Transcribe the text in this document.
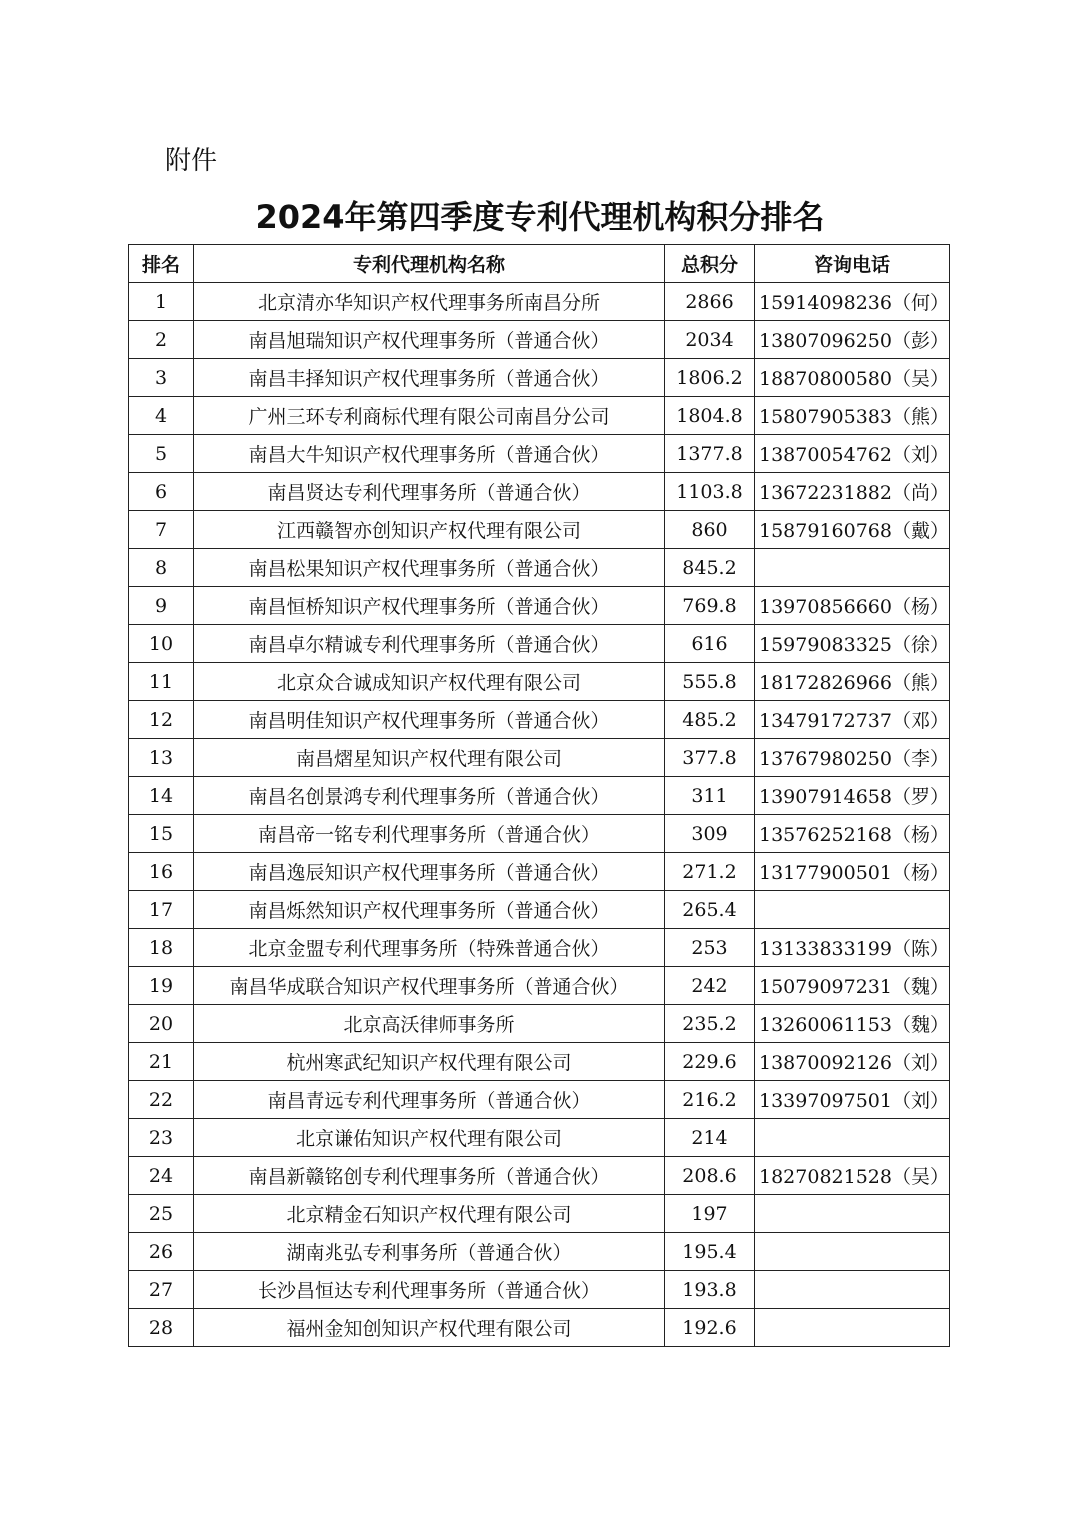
附件
2024年第四季度专利代理机构积分排名
排名	专利代理机构名称	总积分	咨询电话
1	北京清亦华知识产权代理事务所南昌分所	2866	15914098236（何）
2	南昌旭瑞知识产权代理事务所（普通合伙）	2034	13807096250（彭）
3	南昌丰择知识产权代理事务所（普通合伙）	1806.2	18870800580（吴）
4	广州三环专利商标代理有限公司南昌分公司	1804.8	15807905383（熊）
5	南昌大牛知识产权代理事务所（普通合伙）	1377.8	13870054762（刘）
6	南昌贤达专利代理事务所（普通合伙）	1103.8	13672231882（尚）
7	江西赣智亦创知识产权代理有限公司	860	15879160768（戴）
8	南昌松果知识产权代理事务所（普通合伙）	845.2	
9	南昌恒桥知识产权代理事务所（普通合伙）	769.8	13970856660（杨）
10	南昌卓尔精诚专利代理事务所（普通合伙）	616	15979083325（徐）
11	北京众合诚成知识产权代理有限公司	555.8	18172826966（熊）
12	南昌明佳知识产权代理事务所（普通合伙）	485.2	13479172737（邓）
13	南昌熠星知识产权代理有限公司	377.8	13767980250（李）
14	南昌名创景鸿专利代理事务所（普通合伙）	311	13907914658（罗）
15	南昌帝一铭专利代理事务所（普通合伙）	309	13576252168（杨）
16	南昌逸辰知识产权代理事务所（普通合伙）	271.2	13177900501（杨）
17	南昌烁然知识产权代理事务所（普通合伙）	265.4	
18	北京金盟专利代理事务所（特殊普通合伙）	253	13133833199（陈）
19	南昌华成联合知识产权代理事务所（普通合伙）	242	15079097231（魏）
20	北京高沃律师事务所	235.2	13260061153（魏）
21	杭州寒武纪知识产权代理有限公司	229.6	13870092126（刘）
22	南昌青远专利代理事务所（普通合伙）	216.2	13397097501（刘）
23	北京谦佑知识产权代理有限公司	214	
24	南昌新赣铭创专利代理事务所（普通合伙）	208.6	18270821528（吴）
25	北京精金石知识产权代理有限公司	197	
26	湖南兆弘专利事务所（普通合伙）	195.4	
27	长沙昌恒达专利代理事务所（普通合伙）	193.8	
28	福州金知创知识产权代理有限公司	192.6	
